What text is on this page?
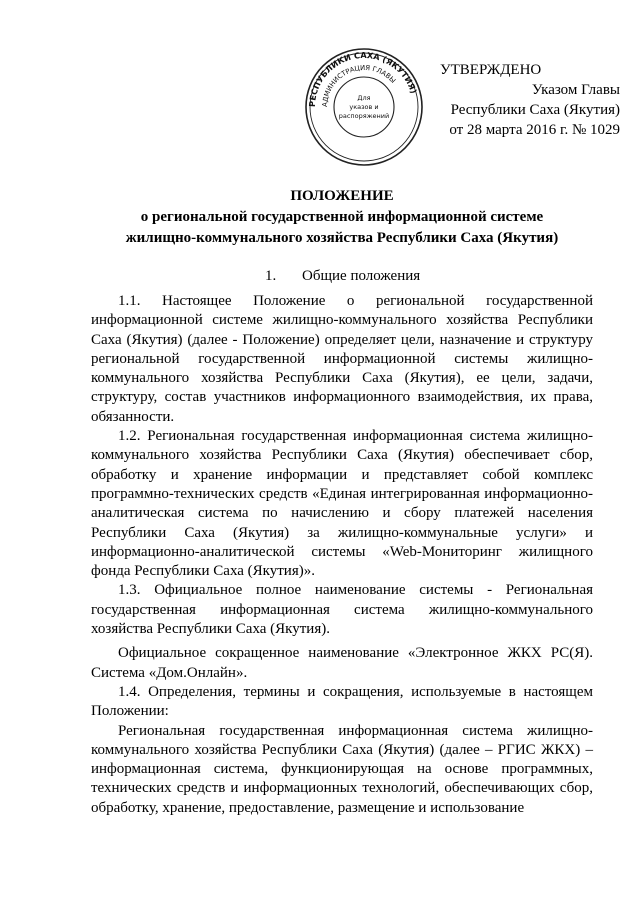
РЕСПУБЛИКИ САХА (ЯКУТИЯ)
АДМИНИСТРАЦИЯ ГЛАВЫ
Для
указов и
распоряжений
УТВЕРЖДЕНО
Указом Главы
Республики Саха (Якутия)
от 28 марта 2016 г. № 1029
ПОЛОЖЕНИЕ
о региональной государственной информационной системе
жилищно-коммунального хозяйства Республики Саха (Якутия)
1. Общие положения

1.1. Настоящее Положение о региональной государственной информационной системе жилищно-коммунального хозяйства Республики Саха (Якутия) (далее - Положение) определяет цели, назначение и структуру региональной государственной информационной системы жилищно-коммунального хозяйства Республики Саха (Якутия), ее цели, задачи, структуру, состав участников информационного взаимодействия, их права, обязанности.

1.2. Региональная государственная информационная система жилищно-коммунального хозяйства Республики Саха (Якутия) обеспечивает сбор, обработку и хранение информации и представляет собой комплекс программно-технических средств «Единая интегрированная информационно-аналитическая система по начислению и сбору платежей населения Республики Саха (Якутия) за жилищно-коммунальные услуги» и информационно-аналитической системы «Web-Мониторинг жилищного фонда Республики Саха (Якутия)».

1.3. Официальное полное наименование системы - Региональная государственная информационная система жилищно-коммунального хозяйства Республики Саха (Якутия).

Официальное сокращенное наименование «Электронное ЖКХ РС(Я). Система «Дом.Онлайн».

1.4. Определения, термины и сокращения, используемые в настоящем Положении:

Региональная государственная информационная система жилищно-коммунального хозяйства Республики Саха (Якутия) (далее – РГИС ЖКХ) – информационная система, функционирующая на основе программных, технических средств и информационных технологий, обеспечивающих сбор, обработку, хранение, предоставление, размещение и использование
